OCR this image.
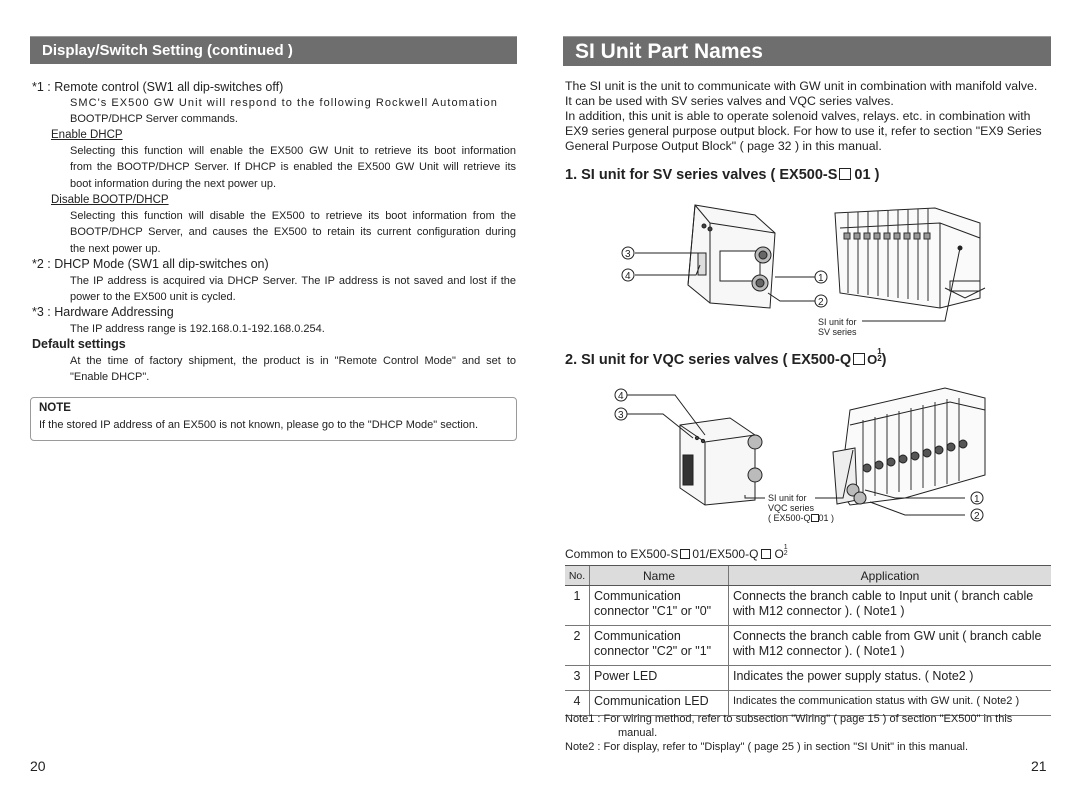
Display/Switch Setting (continued )
*1 : Remote control (SW1 all dip-switches off)
SMC's EX500 GW Unit will respond to the following Rockwell Automation
BOOTP/DHCP Server commands.
Enable DHCP
Selecting this function will enable the EX500 GW Unit to retrieve its boot information
from the BOOTP/DHCP Server. If DHCP is enabled the EX500 GW Unit will retrieve its
boot information during the next power up.
Disable BOOTP/DHCP
Selecting this function will disable the EX500 to retrieve its boot information from the
BOOTP/DHCP Server, and causes the EX500 to retain its current configuration during
the next power up.
*2 : DHCP Mode (SW1 all dip-switches on)
The IP address is acquired via DHCP Server. The IP address is not saved and lost if the
power to the EX500 unit is cycled.
*3 : Hardware Addressing
The IP address range is 192.168.0.1-192.168.0.254.
Default settings
At the time of factory shipment, the product is in "Remote Control Mode" and set to
"Enable DHCP".
NOTE
If the stored IP address of an EX500 is not known, please go to the "DHCP Mode" section.
20
SI Unit Part Names
The SI unit is the unit to communicate with GW unit in combination with manifold valve.
It can be used with SV series valves and VQC series valves.
In addition, this unit is able to operate solenoid valves, relays. etc. in combination with
EX9 series general purpose output block. For how to use it, refer to section "EX9 Series
General Purpose Output Block" ( page 32 ) in this manual.
1. SI unit for SV series valves ( EX500-S 01 )
3
4	1
2
SI unit for
SV series
2. SI unit for VQC series valves ( EX500-Q O1
2)
4
3
1
2
SI unit for
VQC series
( EX500-Q 01 )
Common to EX500-S 01/EX500-Q O1
2
No.	Name	Application
1	Communication connector "C1" or "0"	Connects the branch cable to Input unit ( branch cable with M12 connector ). ( Note1 )
2	Communication connector "C2" or "1"	Connects the branch cable from GW unit ( branch cable with M12 connector ). ( Note1 )
3	Power LED	Indicates the power supply status. ( Note2 )
4	Communication LED	Indicates the communication status with GW unit. ( Note2 )
Note1 : For wiring method, refer to subsection "Wiring" ( page 15 ) of section "EX500" in this
manual.
Note2 : For display, refer to "Display" ( page 25 ) in section "SI Unit" in this manual.
21
